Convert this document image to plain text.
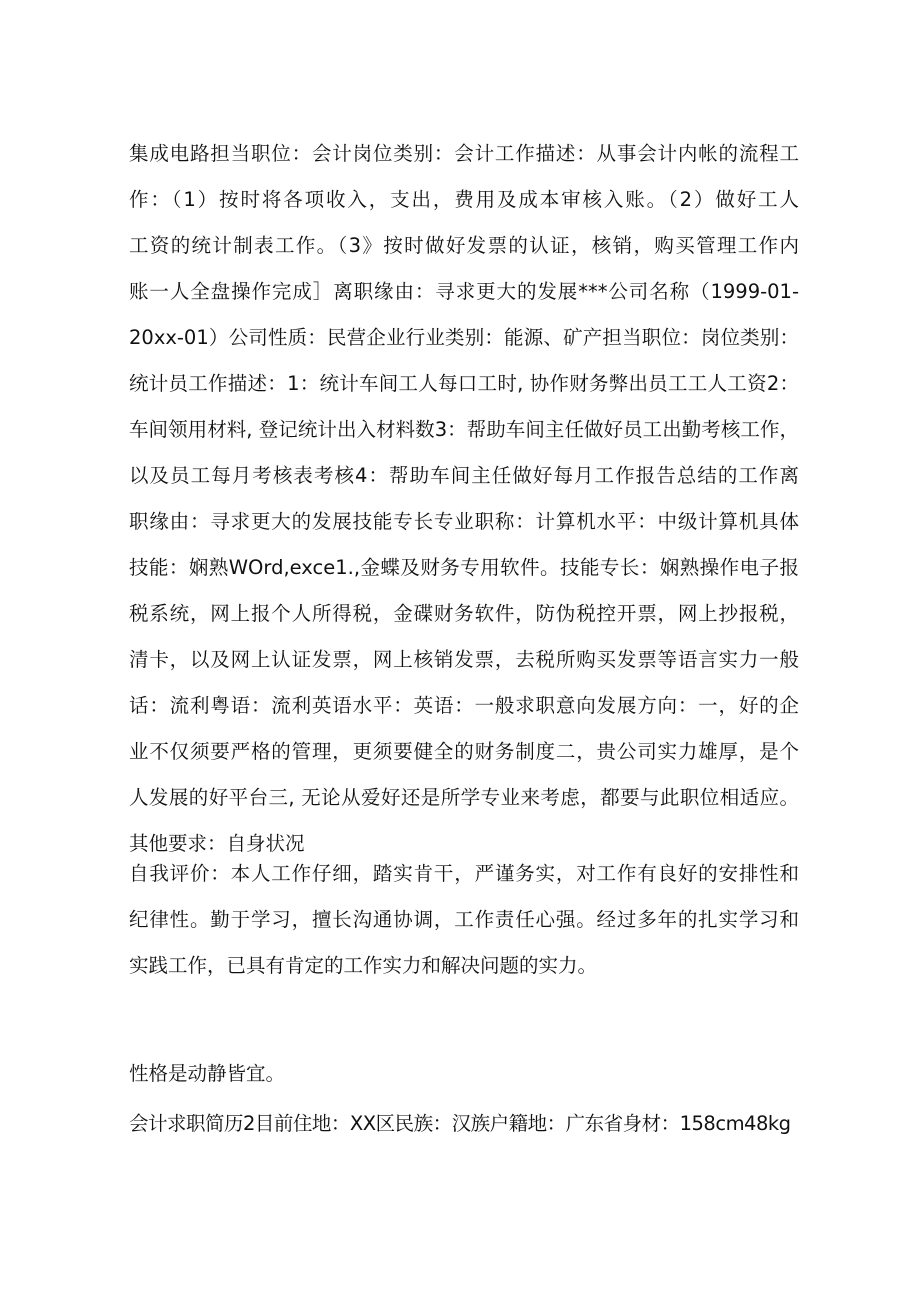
集成电路担当职位：会计岗位类别：会计工作描述：从事会计内帐的流程工
作：（1）按时将各项收入，支出，费用及成本审核入账。（2）做好工人
工资的统计制表工作。（3》按时做好发票的认证，核销，购买管理工作内
账一人全盘操作完成］离职缘由：寻求更大的发展***公司名称（1999-01-
20xx-01）公司性质：民营企业行业类别：能源、矿产担当职位：岗位类别：
统计员工作描述：1：统计车间工人每口工时, 协作财务弊出员工工人工资2：
车间领用材料, 登记统计出入材料数3：帮助车间主任做好员工出勤考核工作，
以及员工每月考核表考核4：帮助车间主任做好每月工作报告总结的工作离
职缘由：寻求更大的发展技能专长专业职称：计算机水平：中级计算机具体
技能：娴熟WOrd,exce1.,金蝶及财务专用软件。技能专长：娴熟操作电子报
税系统，网上报个人所得税，金碟财务软件，防伪税控开票，网上抄报税，
清卡，以及网上认证发票，网上核销发票，去税所购买发票等语言实力一般
话：流利粤语：流利英语水平：英语：一般求职意向发展方向：一，好的企
业不仅须要严格的管理，更须要健全的财务制度二，贵公司实力雄厚，是个
人发展的好平台三, 无论从爱好还是所学专业来考虑，都要与此职位相适应。
其他要求：自身状况
自我评价：本人工作仔细，踏实肯干，严谨务实，对工作有良好的安排性和
纪律性。勤于学习，擅长沟通协调，工作责任心强。经过多年的扎实学习和
实践工作，已具有肯定的工作实力和解决问题的实力。
性格是动静皆宜。
会计求职简历2目前住地：XX区民族：汉族户籍地：广东省身材：158cm48kg
